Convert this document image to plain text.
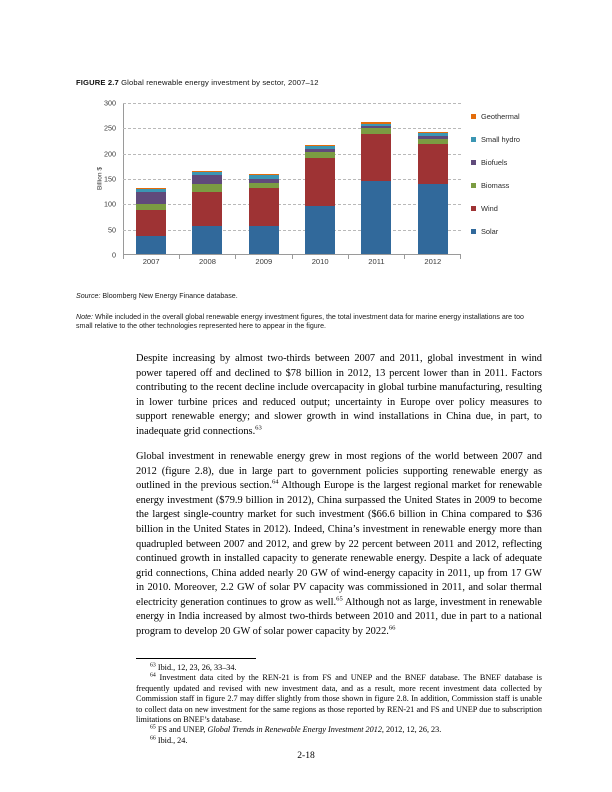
FIGURE 2.7 Global renewable energy investment by sector, 2007–12
Billion $
0
50
100
150
200
250
300
2007	2008	2009	2010	2011	2012
Geothermal
Small hydro
Biofuels
Biomass
Wind
Solar
Source: Bloomberg New Energy Finance database.
Note: While included in the overall global renewable energy investment figures, the total investment data for marine energy installations are too small relative to the other technologies represented here to appear in the figure.

Despite increasing by almost two-thirds between 2007 and 2011, global investment in wind power tapered off and declined to $78 billion in 2012, 13 percent lower than in 2011. Factors contributing to the recent decline include overcapacity in global turbine manufacturing, resulting in lower turbine prices and reduced output; uncertainty in Europe over policy measures to support renewable energy; and slower growth in wind installations in China due, in part, to inadequate grid connections.$^{63}$

Global investment in renewable energy grew in most regions of the world between 2007 and 2012 (figure 2.8), due in large part to government policies supporting renewable energy as outlined in the previous section.$^{64}$ Although Europe is the largest regional market for renewable energy investment ($79.9 billion in 2012), China surpassed the United States in 2009 to become the largest single-country market for such investment ($66.6 billion in China compared to $36 billion in the United States in 2012). Indeed, China’s investment in renewable energy more than quadrupled between 2007 and 2012, and grew by 22 percent between 2011 and 2012, reflecting continued growth in installed capacity to generate renewable energy. Despite a lack of adequate grid connections, China added nearly 20 GW of wind-energy capacity in 2011, up from 17 GW in 2010. Moreover, 2.2 GW of solar PV capacity was commissioned in 2011, and solar thermal electricity generation continues to grow as well.$^{65}$ Although not as large, investment in renewable energy in India increased by almost two-thirds between 2010 and 2011, due in part to a national program to develop 20 GW of solar power capacity by 2022.66

$^{63}$ Ibid., 12, 23, 26, 33–34.

$^{64}$ Investment data cited by the REN-21 is from FS and UNEP and the BNEF database. The BNEF database is frequently updated and revised with new investment data, and as a result, more recent investment data collected by Commission staff in figure 2.7 may differ slightly from those shown in figure 2.8. In addition, Commission staff is unable to collect data on new investment for the same regions as those reported by REN-21 and FS and UNEP due to subscription limitations on BNEF’s database.

$^{65}$ FS and UNEP, Global Trends in Renewable Energy Investment 2012, 2012, 12, 26, 23.

$^{66}$ Ibid., 24.

2-18
